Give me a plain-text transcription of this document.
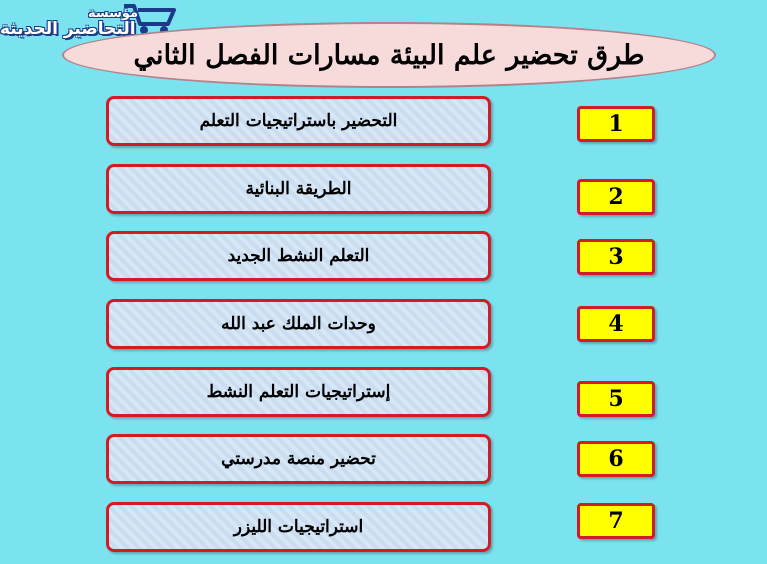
مؤسسة
التحاضير الحديثة
طرق تحضير علم البيئة مسارات الفصل الثاني
التحضير باستراتيجيات التعلم	1
الطريقة البنائية	2
التعلم النشط الجديد	3
وحدات الملك عبد الله	4
إستراتيجيات التعلم النشط	5
تحضير منصة مدرستي	6
استراتيجيات الليزر	7
